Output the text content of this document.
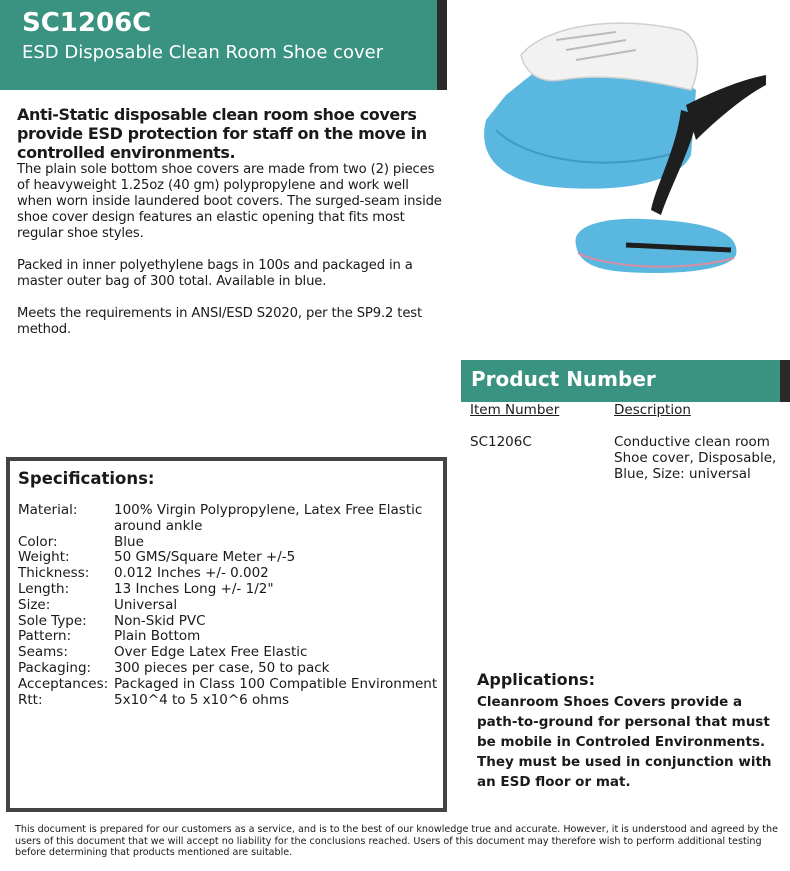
SC1206C
ESD Disposable Clean Room Shoe cover

Anti-Static disposable clean room shoe covers provide ESD protection for staff on the move in controlled environments.

The plain sole bottom shoe covers are made from two (2) pieces of heavyweight 1.25oz (40 gm) polypropylene and work well when worn inside laundered boot covers. The surged-seam inside shoe cover design features an elastic opening that fits most regular shoe styles.

Packed in inner polyethylene bags in 100s and packaged in a master outer bag of 300 total. Available in blue.

Meets the requirements in ANSI/ESD S2020, per the SP9.2 test method.

Product Number
Item Number	Description
SC1206C	Conductive clean room Shoe cover, Disposable, Blue, Size: universal
Specifications:
Material:	100% Virgin Polypropylene, Latex Free Elastic around ankle
Color:	Blue
Weight:	50 GMS/Square Meter +/-5
Thickness:	0.012 Inches +/- 0.002
Length:	13 Inches Long +/- 1/2"
Size:	Universal
Sole Type:	Non-Skid PVC
Pattern:	Plain Bottom
Seams:	Over Edge Latex Free Elastic
Packaging:	300 pieces per case, 50 to pack
Acceptances: Packaged in Class 100 Compatible Environment
Rtt:	5x10^4 to 5 x10^6 ohms
Applications:
Cleanroom Shoes Covers provide a path-to-ground for personal that must be mobile in Controled Environments. They must be used in conjunction with an ESD floor or mat.
This document is prepared for our customers as a service, and is to the best of our knowledge true and accurate. However, it is understood and agreed by the users of this document that we will accept no liability for the conclusions reached. Users of this document may therefore wish to perform additional testing before determining that products mentioned are suitable.
